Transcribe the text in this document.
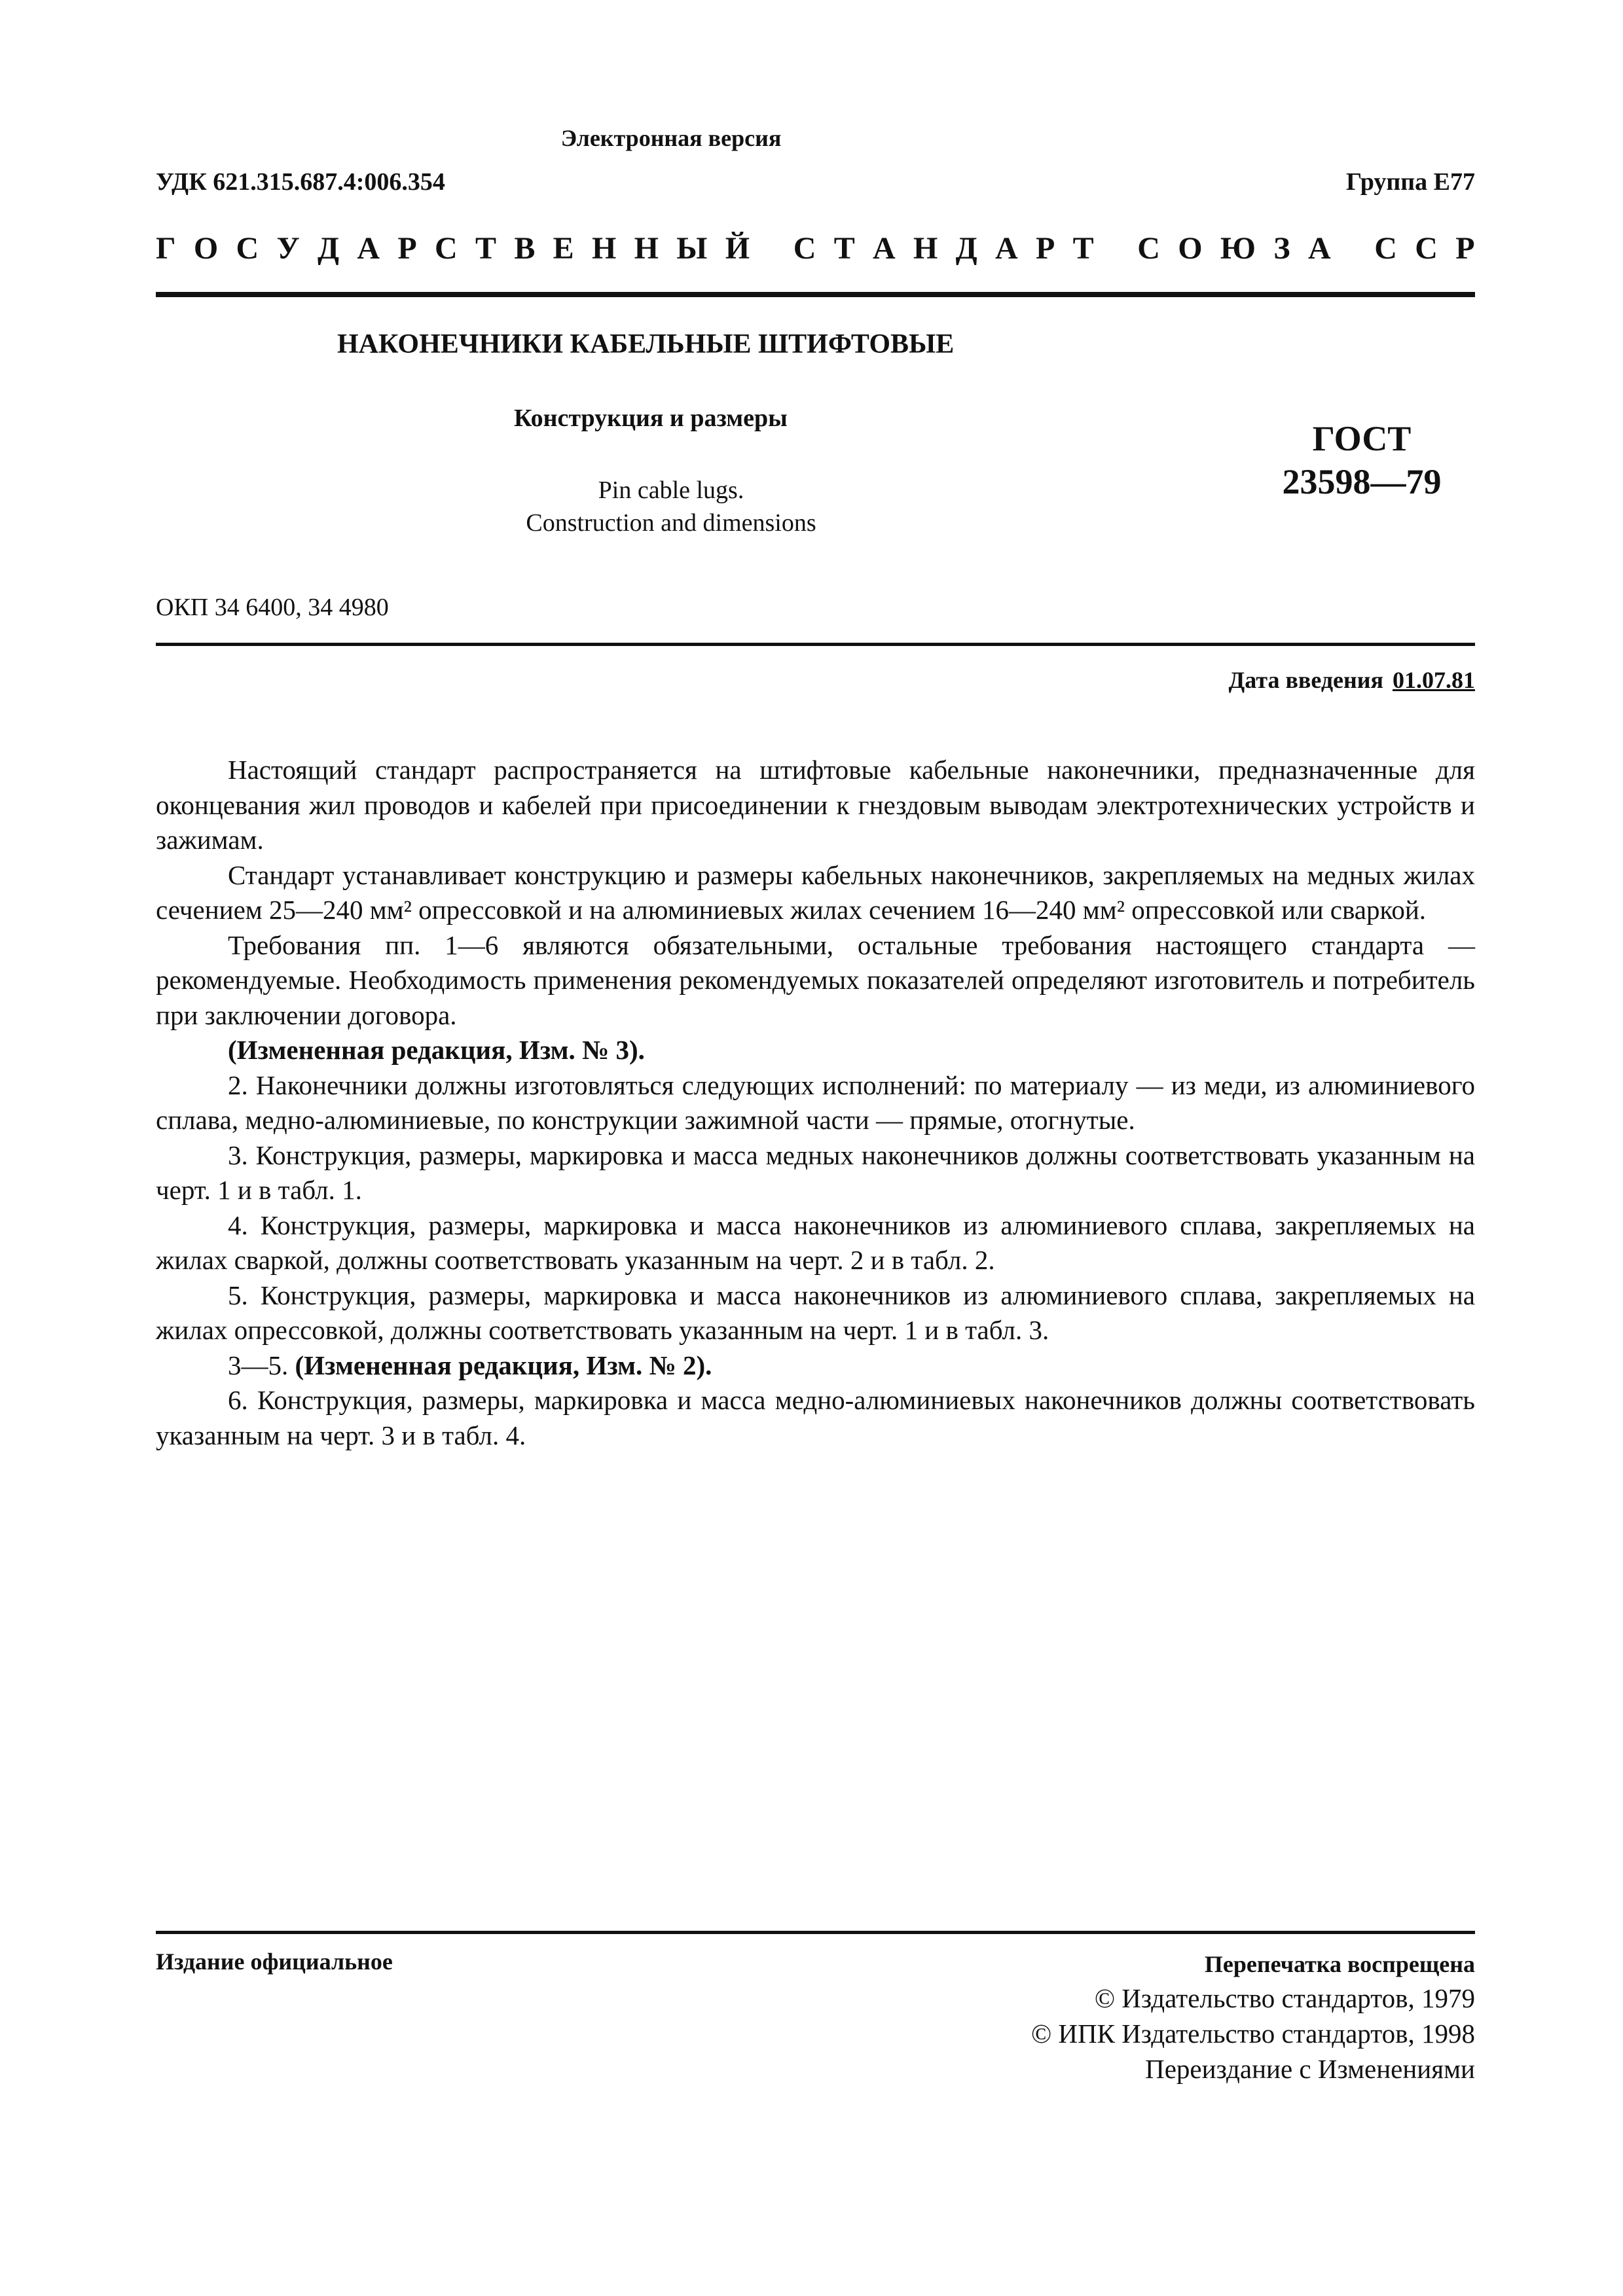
Электронная версия
УДК 621.315.687.4:006.354	Группа Е77
Г О С У Д А Р С Т В Е Н Н Ы Й
С Т А Н Д А Р Т
С О Ю З А
С С Р
НАКОНЕЧНИКИ КАБЕЛЬНЫЕ ШТИФТОВЫЕ
Конструкция и размеры
Pin cable lugs.
Construction and dimensions
ГОСТ
23598—79
ОКП 34 6400, 34 4980
Дата введения 01.07.81

Настоящий стандарт распространяется на штифтовые кабельные наконечники, предназначенные для оконцевания жил проводов и кабелей при присоединении к гнездовым выводам электротехнических устройств и зажимам.

Стандарт устанавливает конструкцию и размеры кабельных наконечников, закрепляемых на медных жилах сечением 25—240 мм² опрессовкой и на алюминиевых жилах сечением 16—240 мм² опрессовкой или сваркой.

Требования пп. 1—6 являются обязательными, остальные требования настоящего стандарта — рекомендуемые. Необходимость применения рекомендуемых показателей определяют изготовитель и потребитель при заключении договора.

(Измененная редакция, Изм. № 3).

2. Наконечники должны изготовляться следующих исполнений: по материалу — из меди, из алюминиевого сплава, медно-алюминиевые, по конструкции зажимной части — прямые, отогнутые.

3. Конструкция, размеры, маркировка и масса медных наконечников должны соответствовать указанным на черт. 1 и в табл. 1.

4. Конструкция, размеры, маркировка и масса наконечников из алюминиевого сплава, закрепляемых на жилах сваркой, должны соответствовать указанным на черт. 2 и в табл. 2.

5. Конструкция, размеры, маркировка и масса наконечников из алюминиевого сплава, закрепляемых на жилах опрессовкой, должны соответствовать указанным на черт. 1 и в табл. 3.

3—5. (Измененная редакция, Изм. № 2).

6. Конструкция, размеры, маркировка и масса медно-алюминиевых наконечников должны соответствовать указанным на черт. 3 и в табл. 4.

Издание официальное	Перепечатка воспрещена
© Издательство стандартов, 1979
© ИПК Издательство стандартов, 1998
Переиздание с Изменениями
